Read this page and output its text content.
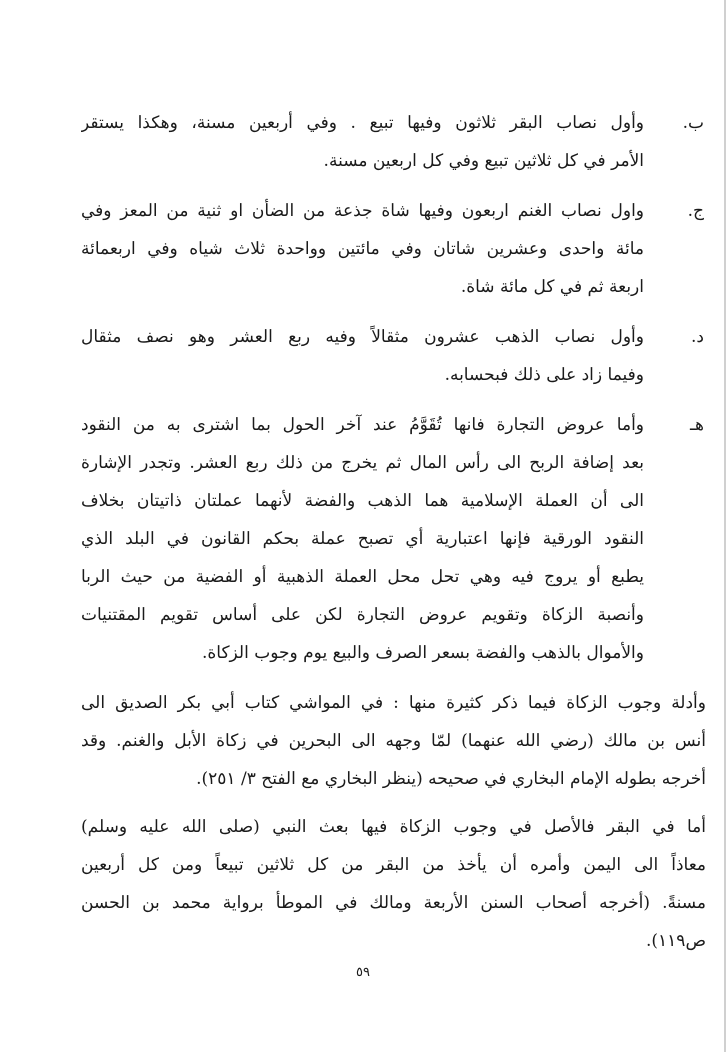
ب.
وأول نصاب البقر ثلاثون وفيها تبيع . وفي أربعين مسنة، وهكذا يستقر
الأمر في كل ثلاثين تبيع وفي كل اربعين مسنة.
ج.
واول نصاب الغنم اربعون وفيها شاة جذعة من الضأن او ثنية من المعز وفي
مائة واحدى وعشرين شاتان وفي مائتين وواحدة ثلاث شياه وفي اربعمائة
اربعة ثم في كل مائة شاة.
د.
وأول نصاب الذهب عشرون مثقالاً وفيه ربع العشر وهو نصف مثقال
وفيما زاد على ذلك فبحسابه.
هـ
وأما عروض التجارة فانها تُقَوَّمُ عند آخر الحول بما اشترى به من النقود
بعد إضافة الربح الى رأس المال ثم يخرج من ذلك ربع العشر. وتجدر الإشارة
الى أن العملة الإسلامية هما الذهب والفضة لأنهما عملتان ذاتيتان بخلاف
النقود الورقية فإنها اعتبارية أي تصبح عملة بحكم القانون في البلد الذي
يطبع أو يروج فيه وهي تحل محل العملة الذهبية أو الفضية من حيث الربا
وأنصبة الزكاة وتقويم عروض التجارة لكن على أساس تقويم المقتنيات
والأموال بالذهب والفضة بسعر الصرف والبيع يوم وجوب الزكاة.
وأدلة وجوب الزكاة فيما ذكر كثيرة منها : في المواشي كتاب أبي بكر الصديق الى
أنس بن مالك (رضي الله عنهما) لمّا وجهه الى البحرين في زكاة الأبل والغنم. وقد
أخرجه بطوله الإمام البخاري في صحيحه (ينظر البخاري مع الفتح ٣/ ٢٥١).
أما في البقر فالأصل في وجوب الزكاة فيها بعث النبي (صلى الله عليه وسلم)
معاذاً الى اليمن وأمره أن يأخذ من البقر من كل ثلاثين تبيعاً ومن كل أربعين
مسنةً. (أخرجه أصحاب السنن الأربعة ومالك في الموطأ برواية محمد بن الحسن
ص١١٩).
٥٩
